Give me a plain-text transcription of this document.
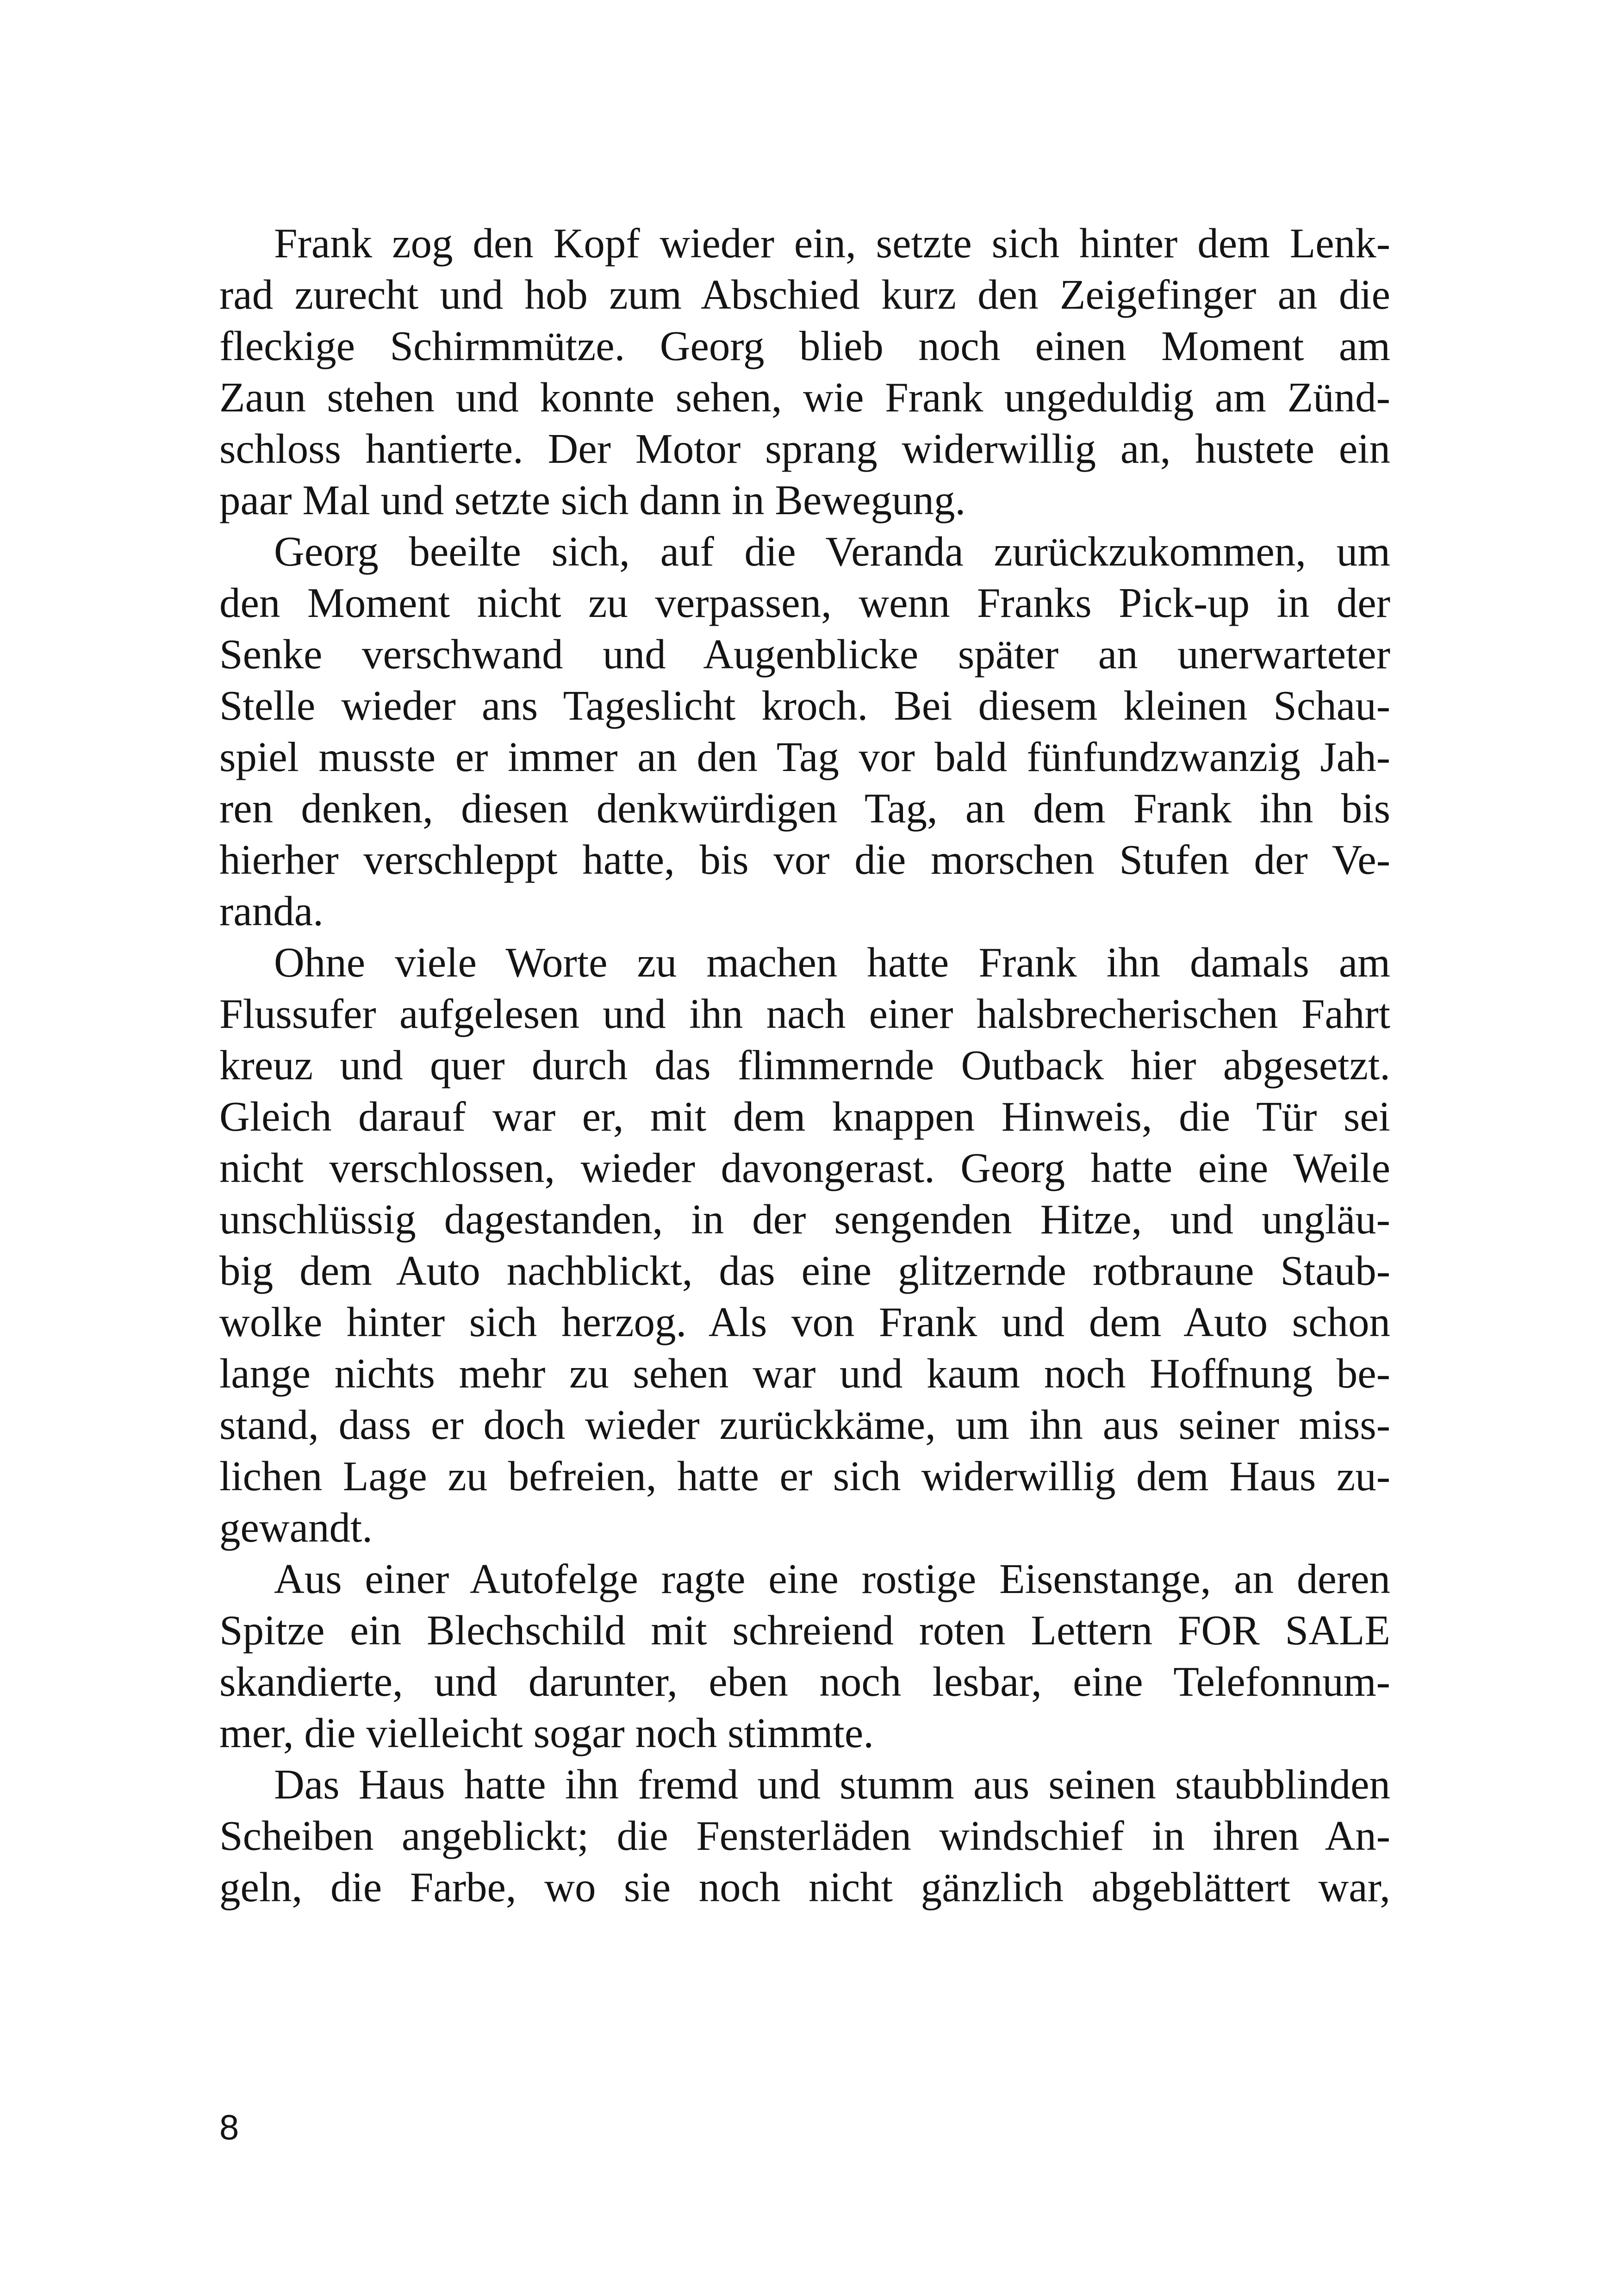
Frank zog den Kopf wieder ein, setzte sich hinter dem Lenk-
rad zurecht und hob zum Abschied kurz den Zeigefinger an die
fleckige Schirmmütze. Georg blieb noch einen Moment am
Zaun stehen und konnte sehen, wie Frank ungeduldig am Zünd-
schloss hantierte. Der Motor sprang widerwillig an, hustete ein
paar Mal und setzte sich dann in Bewegung.
Georg beeilte sich, auf die Veranda zurückzukommen, um
den Moment nicht zu verpassen, wenn Franks Pick-up in der
Senke verschwand und Augenblicke später an unerwarteter
Stelle wieder ans Tageslicht kroch. Bei diesem kleinen Schau-
spiel musste er immer an den Tag vor bald fünfundzwanzig Jah-
ren denken, diesen denkwürdigen Tag, an dem Frank ihn bis
hierher verschleppt hatte, bis vor die morschen Stufen der Ve-
randa.
Ohne viele Worte zu machen hatte Frank ihn damals am
Flussufer aufgelesen und ihn nach einer halsbrecherischen Fahrt
kreuz und quer durch das flimmernde Outback hier abgesetzt.
Gleich darauf war er, mit dem knappen Hinweis, die Tür sei
nicht verschlossen, wieder davongerast. Georg hatte eine Weile
unschlüssig dagestanden, in der sengenden Hitze, und ungläu-
big dem Auto nachblickt, das eine glitzernde rotbraune Staub-
wolke hinter sich herzog. Als von Frank und dem Auto schon
lange nichts mehr zu sehen war und kaum noch Hoffnung be-
stand, dass er doch wieder zurückkäme, um ihn aus seiner miss-
lichen Lage zu befreien, hatte er sich widerwillig dem Haus zu-
gewandt.
Aus einer Autofelge ragte eine rostige Eisenstange, an deren
Spitze ein Blechschild mit schreiend roten Lettern FOR SALE
skandierte, und darunter, eben noch lesbar, eine Telefonnum-
mer, die vielleicht sogar noch stimmte.
Das Haus hatte ihn fremd und stumm aus seinen staubblinden
Scheiben angeblickt; die Fensterläden windschief in ihren An-
geln, die Farbe, wo sie noch nicht gänzlich abgeblättert war,
8
